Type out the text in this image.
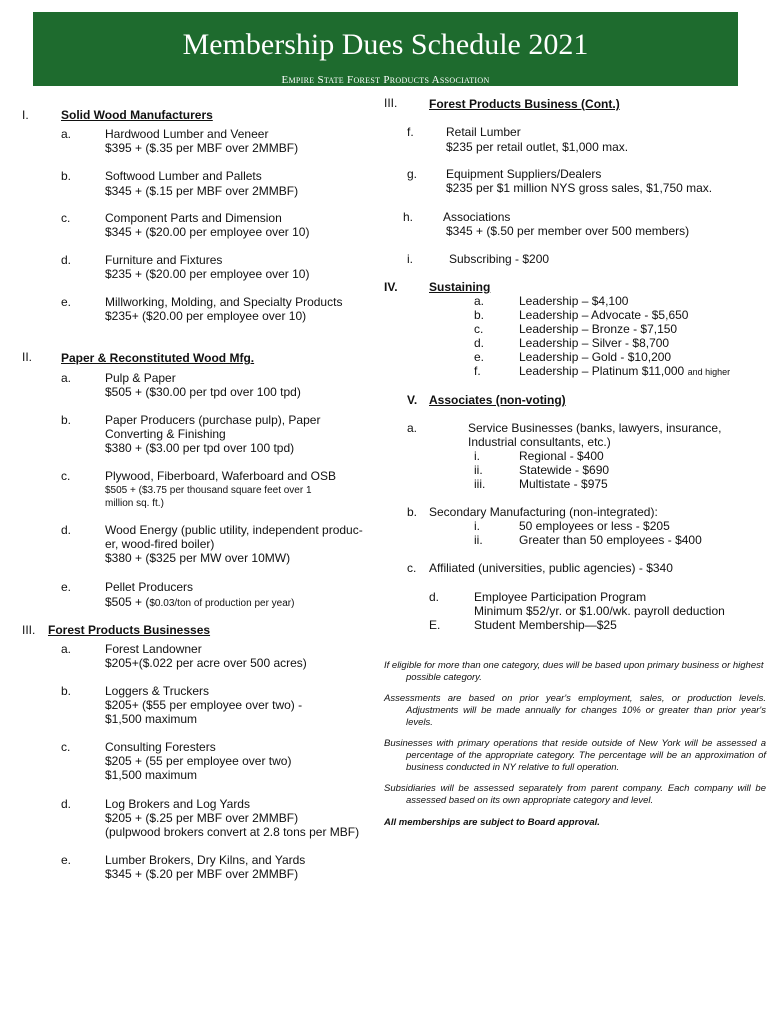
Membership Dues Schedule 2021
Empire State Forest Products Association
I.	Solid Wood Manufacturers
a.	Hardwood Lumber and Veneer
$395 + ($.35 per MBF over 2MMBF)
b.	Softwood Lumber and Pallets
$345 + ($.15 per MBF over 2MMBF)
c.	Component Parts and Dimension
$345 + ($20.00 per employee over 10)
d.	Furniture and Fixtures
$235 + ($20.00 per employee over 10)
e.	Millworking, Molding, and Specialty Products
$235+ ($20.00 per employee over 10)
II. Paper & Reconstituted Wood Mfg.
a.	Pulp & Paper
$505 + ($30.00 per tpd over 100 tpd)
b.	Paper Producers (purchase pulp), Paper
Converting & Finishing
$380 + ($3.00 per tpd over 100 tpd)
c.	Plywood, Fiberboard, Waferboard and OSB
$505 + ($3.75 per thousand square feet over 1
million sq. ft.)
d.	Wood Energy (public utility, independent produc-
er, wood-fired boiler)
$380 + ($325 per MW over 10MW)
e.	Pellet Producers
$505 + ($0.03/ton of production per year)
III. Forest Products Businesses
a.	Forest Landowner
$205+($.022 per acre over 500 acres)
b.	Loggers & Truckers
$205+ ($55 per employee over two) -
$1,500 maximum
c.	Consulting Foresters
$205 + (55 per employee over two)
$1,500 maximum
d.	Log Brokers and Log Yards
$205 + ($.25 per MBF over 2MMBF)
(pulpwood brokers convert at 2.8 tons per MBF)
e.	Lumber Brokers, Dry Kilns, and Yards
$345 + ($.20 per MBF over 2MMBF)
III.	Forest Products Business (Cont.)
f.	Retail Lumber
$235 per retail outlet, $1,000 max.
g. Equipment Suppliers/Dealers
$235 per $1 million NYS gross sales, $1,750 max.
h. Associations
$345 + ($.50 per member over 500 members)
i.	Subscribing - $200
IV.	Sustaining
a.	Leadership – $4,100
b.	Leadership – Advocate - $5,650
c.	Leadership – Bronze - $7,150
d.	Leadership – Silver - $8,700
e.	Leadership – Gold - $10,200
f.	Leadership – Platinum $11,000 and higher
V. Associates (non-voting)
a.	Service Businesses (banks, lawyers, insurance,
Industrial consultants, etc.)
i.	Regional - $400
ii.	Statewide - $690
iii.	Multistate - $975
b. Secondary Manufacturing (non-integrated):
i.	50 employees or less - $205
ii.	Greater than 50 employees - $400
c. Affiliated (universities, public agencies) - $340
d.	Employee Participation Program
Minimum $52/yr. or $1.00/wk. payroll deduction
E.	Student Membership—$25
If eligible for more than one category, dues will be based upon primary business or highest possible category.
Assessments are based on prior year's employment, sales, or production levels. Adjustments will be made annually for changes 10% or greater than prior year's levels.
Businesses with primary operations that reside outside of New York will be assessed a percentage of the appropriate category. The percentage will be an approximation of business conducted in NY relative to full operation.
Subsidiaries will be assessed separately from parent company. Each company will be assessed based on its own appropriate category and level.
All memberships are subject to Board approval.
